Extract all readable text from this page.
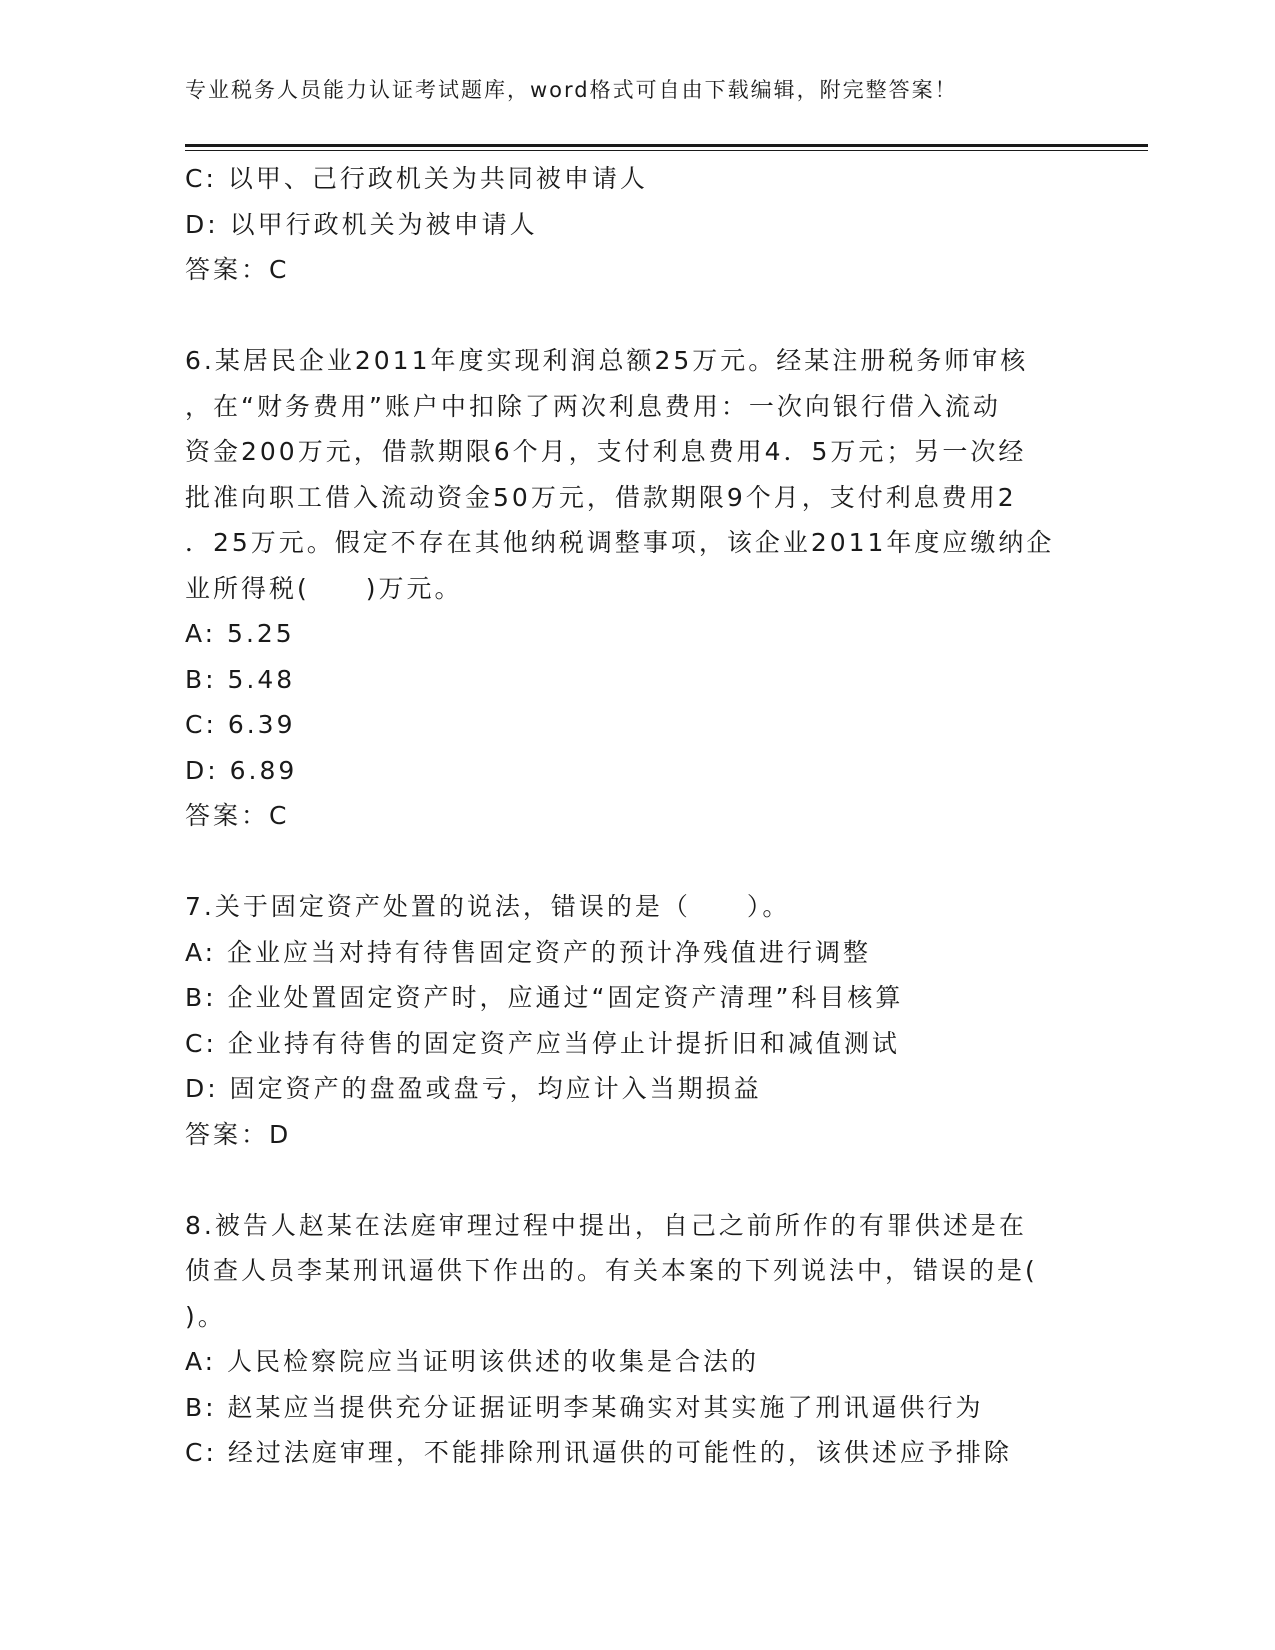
专业税务人员能力认证考试题库，word格式可自由下载编辑，附完整答案！
C: 以甲、己行政机关为共同被申请人
D: 以甲行政机关为被申请人
答案：C
6.某居民企业2011年度实现利润总额25万元。经某注册税务师审核
，在“财务费用”账户中扣除了两次利息费用：一次向银行借入流动
资金200万元，借款期限6个月，支付利息费用4．5万元；另一次经
批准向职工借入流动资金50万元，借款期限9个月，支付利息费用2
．25万元。假定不存在其他纳税调整事项，该企业2011年度应缴纳企
业所得税(　　)万元。
A: 5.25
B: 5.48
C: 6.39
D: 6.89
答案：C
7.关于固定资产处置的说法，错误的是（　　）。
A: 企业应当对持有待售固定资产的预计净残值进行调整
B: 企业处置固定资产时，应通过“固定资产清理”科目核算
C: 企业持有待售的固定资产应当停止计提折旧和减值测试
D: 固定资产的盘盈或盘亏，均应计入当期损益
答案：D
8.被告人赵某在法庭审理过程中提出，自己之前所作的有罪供述是在
侦查人员李某刑讯逼供下作出的。有关本案的下列说法中，错误的是(
)。
A: 人民检察院应当证明该供述的收集是合法的
B: 赵某应当提供充分证据证明李某确实对其实施了刑讯逼供行为
C: 经过法庭审理，不能排除刑讯逼供的可能性的，该供述应予排除
